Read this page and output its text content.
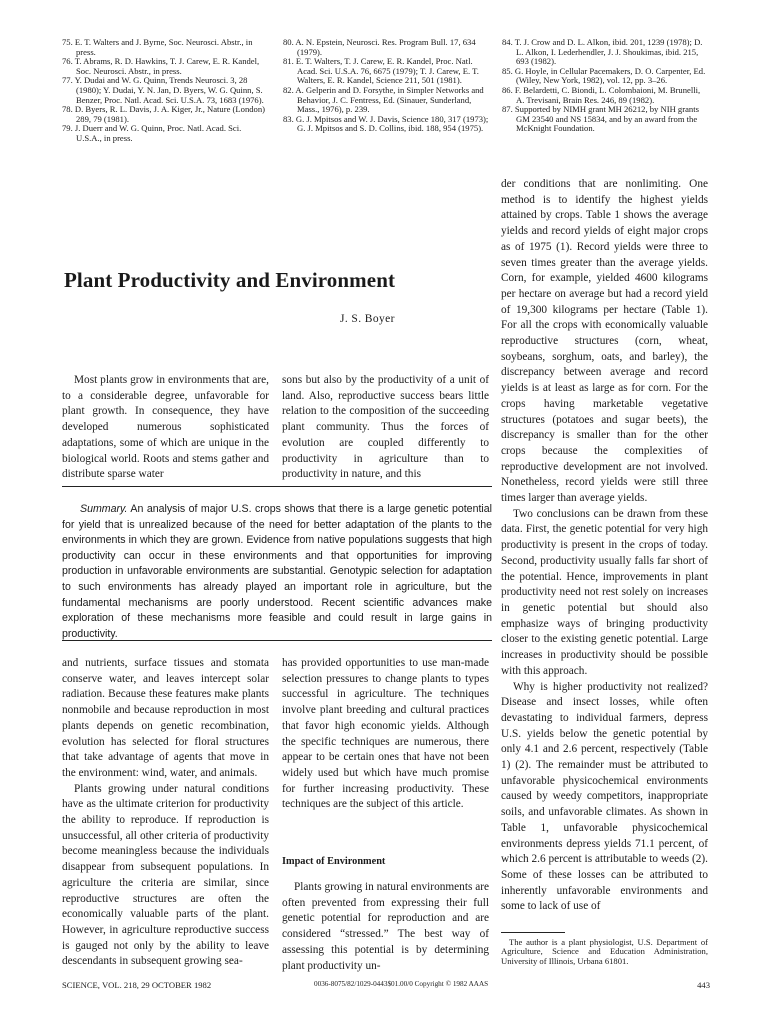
75. E. T. Walters and J. Byrne, Soc. Neurosci. Abstr., in press.

76. T. Abrams, R. D. Hawkins, T. J. Carew, E. R. Kandel, Soc. Neurosci. Abstr., in press.

77. Y. Dudai and W. G. Quinn, Trends Neurosci. 3, 28 (1980); Y. Dudai, Y. N. Jan, D. Byers, W. G. Quinn, S. Benzer, Proc. Natl. Acad. Sci. U.S.A. 73, 1683 (1976).

78. D. Byers, R. L. Davis, J. A. Kiger, Jr., Nature (London) 289, 79 (1981).

79. J. Duerr and W. G. Quinn, Proc. Natl. Acad. Sci. U.S.A., in press.

80. A. N. Epstein, Neurosci. Res. Program Bull. 17, 634 (1979).

81. E. T. Walters, T. J. Carew, E. R. Kandel, Proc. Natl. Acad. Sci. U.S.A. 76, 6675 (1979); T. J. Carew, E. T. Walters, E. R. Kandel, Science 211, 501 (1981).

82. A. Gelperin and D. Forsythe, in Simpler Networks and Behavior, J. C. Fentress, Ed. (Sinauer, Sunderland, Mass., 1976), p. 239.

83. G. J. Mpitsos and W. J. Davis, Science 180, 317 (1973); G. J. Mpitsos and S. D. Collins, ibid. 188, 954 (1975).

84. T. J. Crow and D. L. Alkon, ibid. 201, 1239 (1978); D. L. Alkon, I. Lederhendler, J. J. Shoukimas, ibid. 215, 693 (1982).

85. G. Hoyle, in Cellular Pacemakers, D. O. Carpenter, Ed. (Wiley, New York, 1982), vol. 12, pp. 3–26.

86. F. Belardetti, C. Biondi, L. Colombaioni, M. Brunelli, A. Trevisani, Brain Res. 246, 89 (1982).

87. Supported by NIMH grant MH 26212, by NIH grants GM 23540 and NS 15834, and by an award from the McKnight Foundation.

Plant Productivity and Environment
J. S. Boyer

Most plants grow in environments that are, to a considerable degree, unfavorable for plant growth. In consequence, they have developed numerous sophisticated adaptations, some of which are unique in the biological world. Roots and stems gather and distribute sparse water

sons but also by the productivity of a unit of land. Also, reproductive success bears little relation to the composition of the succeeding plant community. Thus the forces of evolution are coupled differently to productivity in agriculture than to productivity in nature, and this

Summary. An analysis of major U.S. crops shows that there is a large genetic potential for yield that is unrealized because of the need for better adaptation of the plants to the environments in which they are grown. Evidence from native populations suggests that high productivity can occur in these environments and that opportunities for improving production in unfavorable environments are substantial. Genotypic selection for adaptation to such environments has already played an important role in agriculture, but the fundamental mechanisms are poorly understood. Recent scientific advances make exploration of these mechanisms more feasible and could result in large gains in productivity.

and nutrients, surface tissues and stomata conserve water, and leaves intercept solar radiation. Because these features make plants nonmobile and because reproduction in most plants depends on genetic recombination, evolution has selected for floral structures that take advantage of agents that move in the environment: wind, water, and animals.

Plants growing under natural conditions have as the ultimate criterion for productivity the ability to reproduce. If reproduction is unsuccessful, all other criteria of productivity become meaningless because the individuals disappear from subsequent populations. In agriculture the criteria are similar, since reproductive structures are often the economically valuable parts of the plant. However, in agriculture reproductive success is gauged not only by the ability to leave descendants in subsequent growing sea-

has provided opportunities to use man-made selection pressures to change plants to types successful in agriculture. The techniques involve plant breeding and cultural practices that favor high economic yields. Although the specific techniques are numerous, there appear to be certain ones that have not been widely used but which have much promise for further increasing productivity. These techniques are the subject of this article.

Impact of Environment

Plants growing in natural environments are often prevented from expressing their full genetic potential for reproduction and are considered “stressed.” The best way of assessing this potential is by determining plant productivity un-

der conditions that are nonlimiting. One method is to identify the highest yields attained by crops. Table 1 shows the average yields and record yields of eight major crops as of 1975 (1). Record yields were three to seven times greater than the average yields. Corn, for example, yielded 4600 kilograms per hectare on average but had a record yield of 19,300 kilograms per hectare (Table 1). For all the crops with economically valuable reproductive structures (corn, wheat, soybeans, sorghum, oats, and barley), the discrepancy between average and record yields is at least as large as for corn. For the crops having marketable vegetative structures (potatoes and sugar beets), the discrepancy is smaller than for the other crops because the complexities of reproductive development are not involved. Nonetheless, record yields were still three times larger than average yields.

Two conclusions can be drawn from these data. First, the genetic potential for very high productivity is present in the crops of today. Second, productivity usually falls far short of the potential. Hence, improvements in plant productivity need not rest solely on increases in genetic potential but should also emphasize ways of bringing productivity closer to the existing genetic potential. Large increases in productivity should be possible with this approach.

Why is higher productivity not realized? Disease and insect losses, while often devastating to individual farmers, depress U.S. yields below the genetic potential by only 4.1 and 2.6 percent, respectively (Table 1) (2). The remainder must be attributed to unfavorable physicochemical environments caused by weedy competitors, inappropriate soils, and unfavorable climates. As shown in Table 1, unfavorable physicochemical environments depress yields 71.1 percent, of which 2.6 percent is attributable to weeds (2). Some of these losses can be attributed to inherently unfavorable environments and some to lack of use of

The author is a plant physiologist, U.S. Department of Agriculture, Science and Education Administration, University of Illinois, Urbana 61801.
SCIENCE, VOL. 218, 29 OCTOBER 1982	0036-8075/82/1029-0443$01.00/0 Copyright © 1982 AAAS	443
